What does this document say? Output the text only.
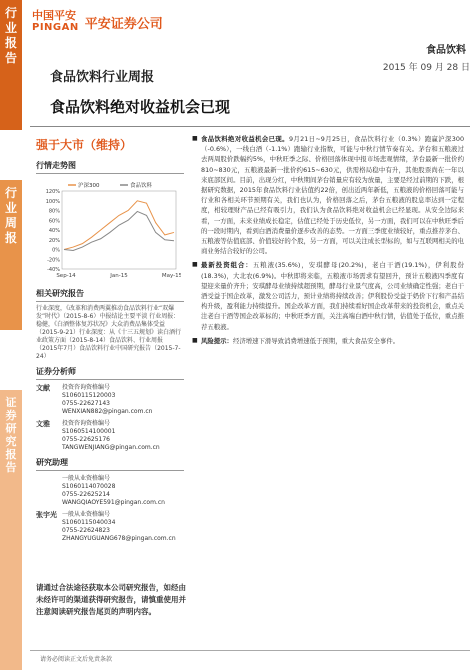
行
业
报
告
行
业
周
报
证
券
研
究
报
告
中国平安
PINGAN 平安证券公司
食品饮料
2015 年 09 月 28 日
食品饮料行业周报
食品饮料绝对收益机会已现
强于大市（维持）
行情走势图
120%
100%
80%
60%
40%
20%
0%
-20%
-40%
Sep-14	Jan-15	May-15
沪深300	食品饮料
相关研究报告
行业深度，《改革和消费两翼推动食品饮料行业“双爆发”时代》（2015-8-6）中报结论主要平淡 行业周报：稳健，《白酒整体复苏状况》大众消费品集体受益（2015-9-21）行业深度：从《十三五规划》读白酒行业政策方面（2015-8-14）食品饮料、行业周报（2015年7月）食品饮料行业中国研究报告（2015-7-24）
证券分析师
文献	投资咨询资格编号
S1060115120003
0755-22627143
WENXIAN882@pingan.com.cn
文雅	投资咨询资格编号
S1060514100001
0755-22625176
TANGWENJIANG@pingan.com.cn
研究助理
一般从业资格编号
S1060114070028
0755-22625214
WANGQIAOYE591@pingan.com.cn
张宇光 一般从业资格编号
S1060115040034
0755-22624823
ZHANGYUGUANG678@pingan.com.cn
■ 食品饮料绝对收益机会已现。9月21日~9月25日，食品饮料行业（0.3%）跑赢沪深300（-0.6%），一线白酒（-1.1%）跑输行业指数，可能与中秋行情节奏有关。茅台和五粮液过去两周股价跌幅约5%，中秋旺季之际、价格回落体现中报市场悲观情绪，茅台最新一批价约810~830元，五粮液最新一批价约615~630元，供需格局稳中有升，其他股票尚在一年以来底部区间。目前，出现分红，中秋期间茅台销量应有较为放量，主要是经过前期的下跌，根据研究数据，2015年食品饮料行业估值约22倍，创出近两年新低，五粮液的价格回落可能与行业和各相关环节预期有关，我们也认为，价格回落之后，茅台五粮液的股息率达到一定程度，相较理财产品已经有吸引力，我们认为食品饮料绝对收益机会已经显现。从安全边际来看，一方面，未来业绩成长稳定，估值已经处于历史低位，另一方面，我们可以在中秋旺季后的一段时期内，看到白酒消费量价逐步改善的态势。一方面三季度业绩较好，重点推荐茅台、五粮液等估值底部、价值较好的个股，另一方面，可以关注成长型标的，如与互联网相关的电商业务结合较好的公司。
■ 最新投资组合：五粮液(35.6%)，安琪酵母(20.2%)，老白干酒(19.1%)，伊利股份(18.3%)，大北农(6.9%)。中秋即将来临，五粮液市场需求有望回升，预计五粮液四季度有望迎来量价齐升；安琪酵母业绩持续超预期，酵母行业景气度高，公司业绩确定性强；老白干酒受益于国企改革，激发公司活力，预计业绩将持续改善；伊利股份受益于奶价下行和产品结构升级，盈利能力持续提升。国企改革方面，我们持续看好国企改革带来的投资机会，重点关注老白干酒等国企改革标的；中秋旺季方面，关注高端白酒中秋行情，估值处于低位，重点推荐五粮液。
■ 风险提示：经济增速下滑导致消费增速低于预期，重大食品安全事件。
请通过合法途径获取本公司研究报告，如经由未经许可的渠道获得研究报告，请慎重使用并注意阅读研究报告尾页的声明内容。
请务必阅读正文后免责条款
